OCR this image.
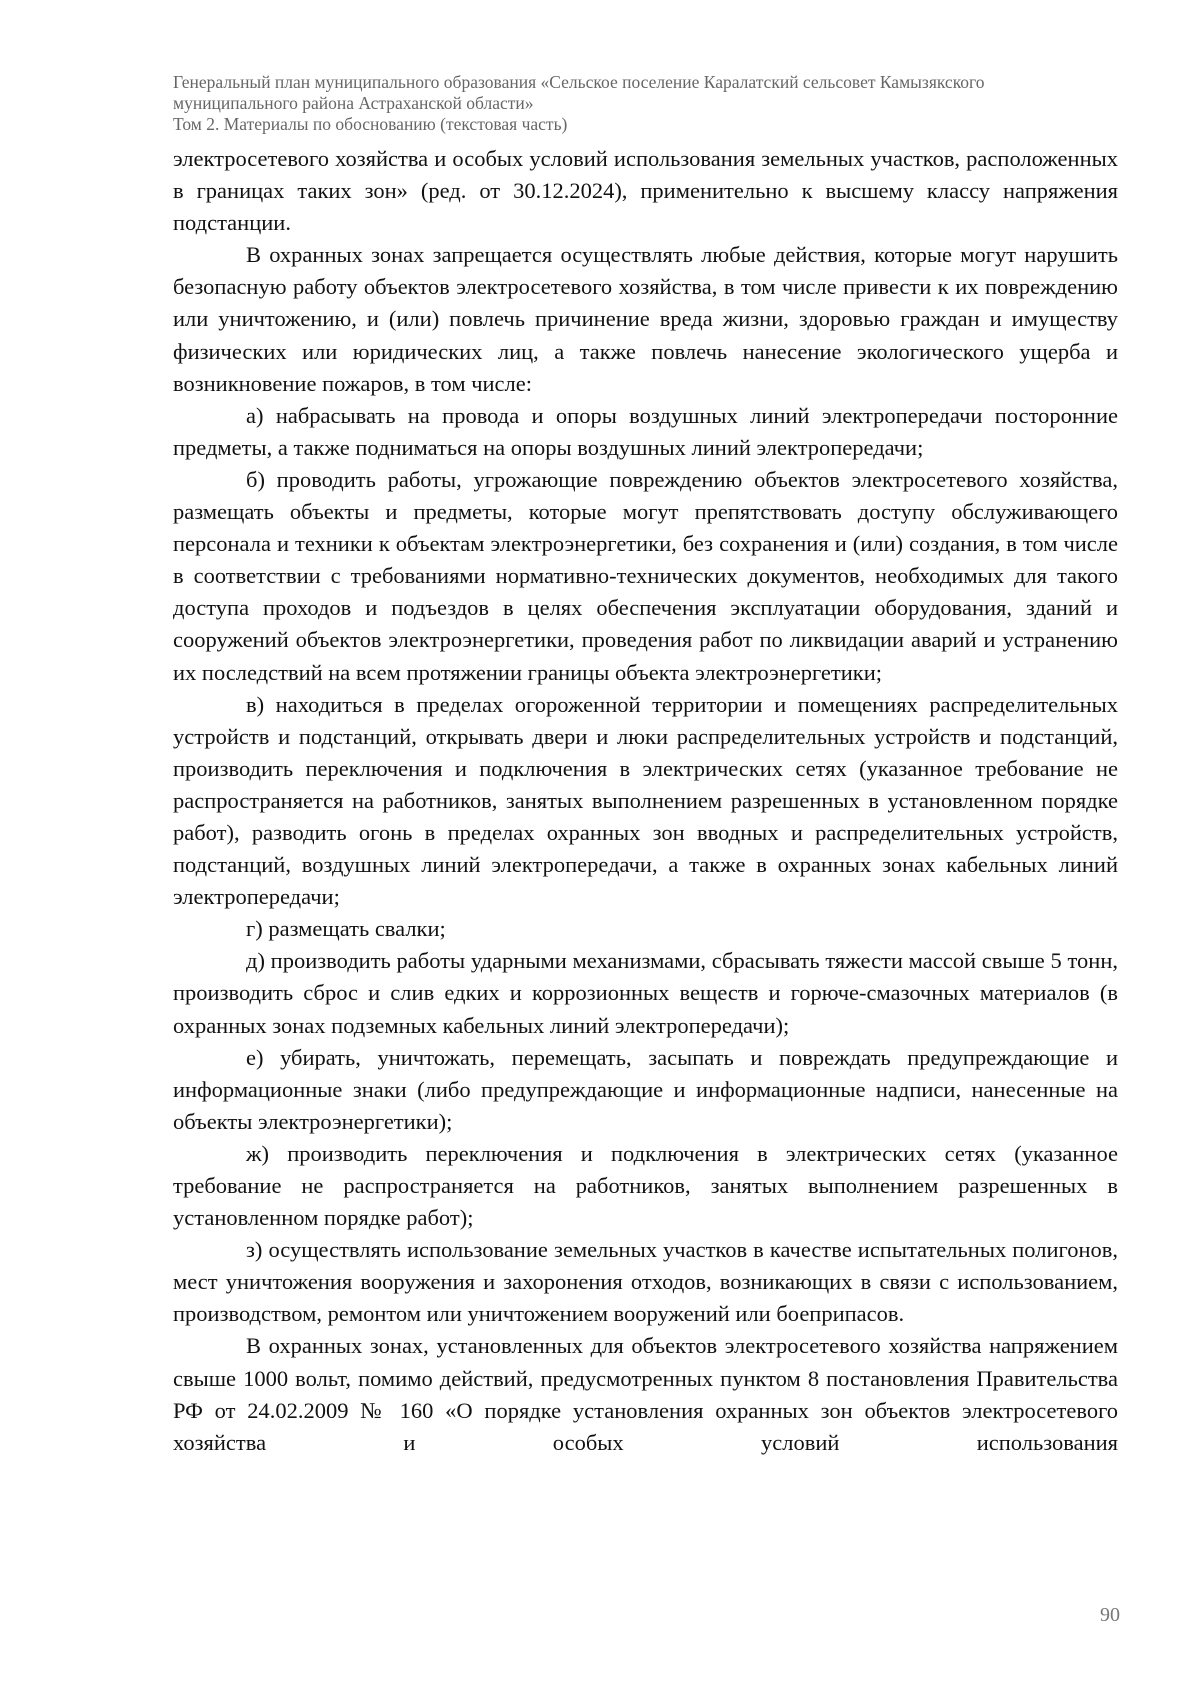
Генеральный план муниципального образования «Сельское поселение Каралатский сельсовет Камызякского
муниципального района Астраханской области»
Том 2. Материалы по обоснованию (текстовая часть)

электросетевого хозяйства и особых условий использования земельных участков, расположенных в границах таких зон» (ред. от 30.12.2024), применительно к высшему классу напряжения подстанции.

В охранных зонах запрещается осуществлять любые действия, которые могут нарушить безопасную работу объектов электросетевого хозяйства, в том числе привести к их повреждению или уничтожению, и (или) повлечь причинение вреда жизни, здоровью граждан и имуществу физических или юридических лиц, а также повлечь нанесение экологического ущерба и возникновение пожаров, в том числе:

а) набрасывать на провода и опоры воздушных линий электропередачи посторонние предметы, а также подниматься на опоры воздушных линий электропередачи;

б) проводить работы, угрожающие повреждению объектов электросетевого хозяйства, размещать объекты и предметы, которые могут препятствовать доступу обслуживающего персонала и техники к объектам электроэнергетики, без сохранения и (или) создания, в том числе в соответствии с требованиями нормативно-технических документов, необходимых для такого доступа проходов и подъездов в целях обеспечения эксплуатации оборудования, зданий и сооружений объектов электроэнергетики, проведения работ по ликвидации аварий и устранению их последствий на всем протяжении границы объекта электроэнергетики;

в) находиться в пределах огороженной территории и помещениях распределительных устройств и подстанций, открывать двери и люки распределительных устройств и подстанций, производить переключения и подключения в электрических сетях (указанное требование не распространяется на работников, занятых выполнением разрешенных в установленном порядке работ), разводить огонь в пределах охранных зон вводных и распределительных устройств, подстанций, воздушных линий электропередачи, а также в охранных зонах кабельных линий электропередачи;

г) размещать свалки;

д) производить работы ударными механизмами, сбрасывать тяжести массой свыше 5 тонн, производить сброс и слив едких и коррозионных веществ и горюче-смазочных материалов (в охранных зонах подземных кабельных линий электропередачи);

е) убирать, уничтожать, перемещать, засыпать и повреждать предупреждающие и информационные знаки (либо предупреждающие и информационные надписи, нанесенные на объекты электроэнергетики);

ж) производить переключения и подключения в электрических сетях (указанное требование не распространяется на работников, занятых выполнением разрешенных в установленном порядке работ);

з) осуществлять использование земельных участков в качестве испытательных полигонов, мест уничтожения вооружения и захоронения отходов, возникающих в связи с использованием, производством, ремонтом или уничтожением вооружений или боеприпасов.

В охранных зонах, установленных для объектов электросетевого хозяйства напряжением свыше 1000 вольт, помимо действий, предусмотренных пунктом 8 постановления Правительства РФ от 24.02.2009 № 160 «О порядке установления охранных зон объектов электросетевого хозяйства и особых условий использования

90
